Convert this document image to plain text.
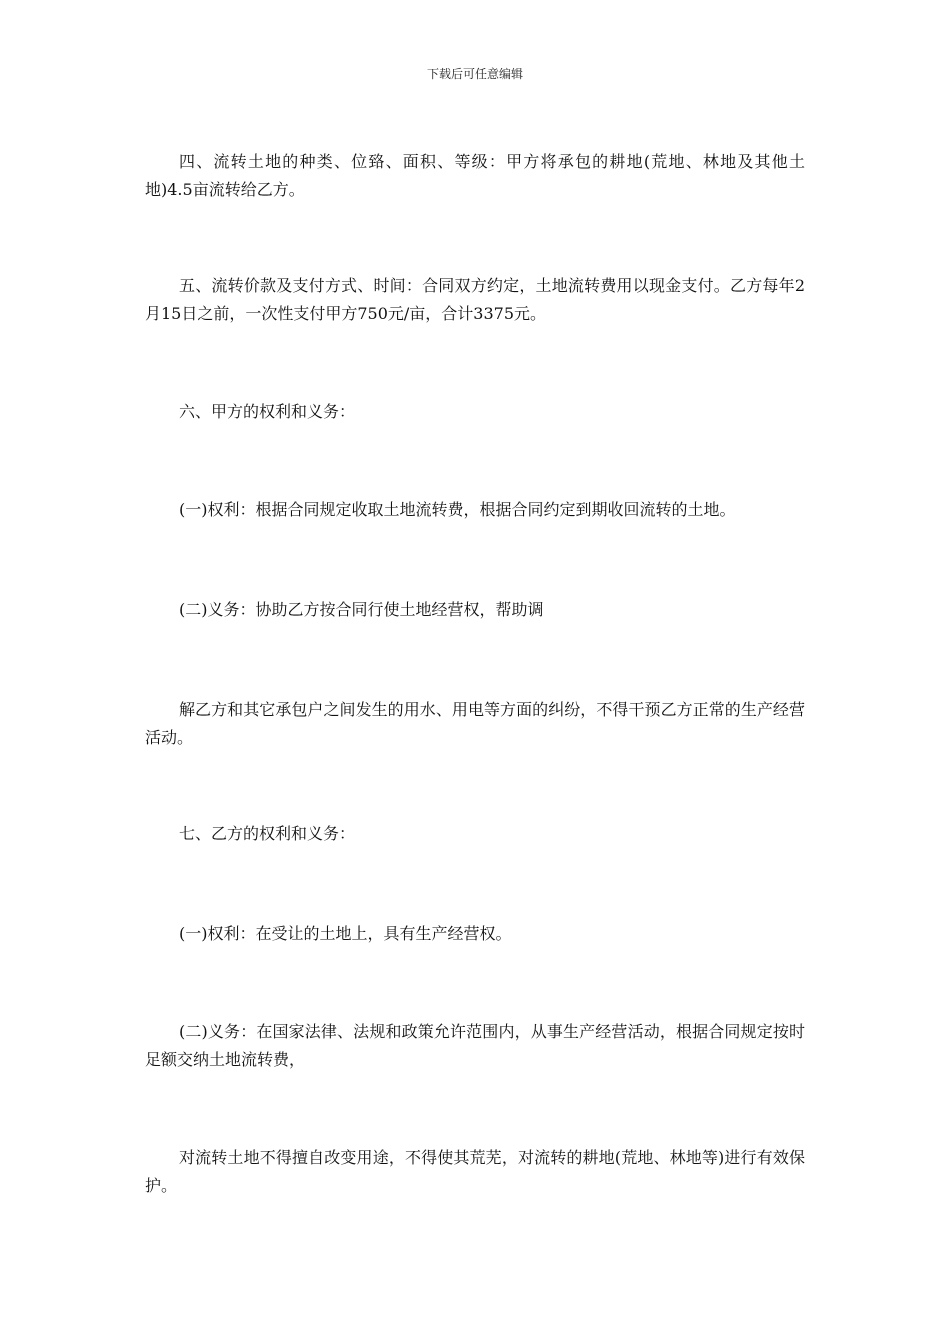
下载后可任意编辑

四、流转土地的种类、位臵、面积、等级：甲方将承包的耕地(荒地、林地及其他土地)4.5亩流转给乙方。

五、流转价款及支付方式、时间：合同双方约定，土地流转费用以现金支付。乙方每年2月15日之前，一次性支付甲方750元/亩，合计3375元。

六、甲方的权利和义务：

(一)权利：根据合同规定收取土地流转费，根据合同约定到期收回流转的土地。

(二)义务：协助乙方按合同行使土地经营权，帮助调

解乙方和其它承包户之间发生的用水、用电等方面的纠纷，不得干预乙方正常的生产经营活动。

七、乙方的权利和义务：

(一)权利：在受让的土地上，具有生产经营权。

(二)义务：在国家法律、法规和政策允许范围内，从事生产经营活动，根据合同规定按时足额交纳土地流转费，

对流转土地不得擅自改变用途，不得使其荒芜，对流转的耕地(荒地、林地等)进行有效保护。
